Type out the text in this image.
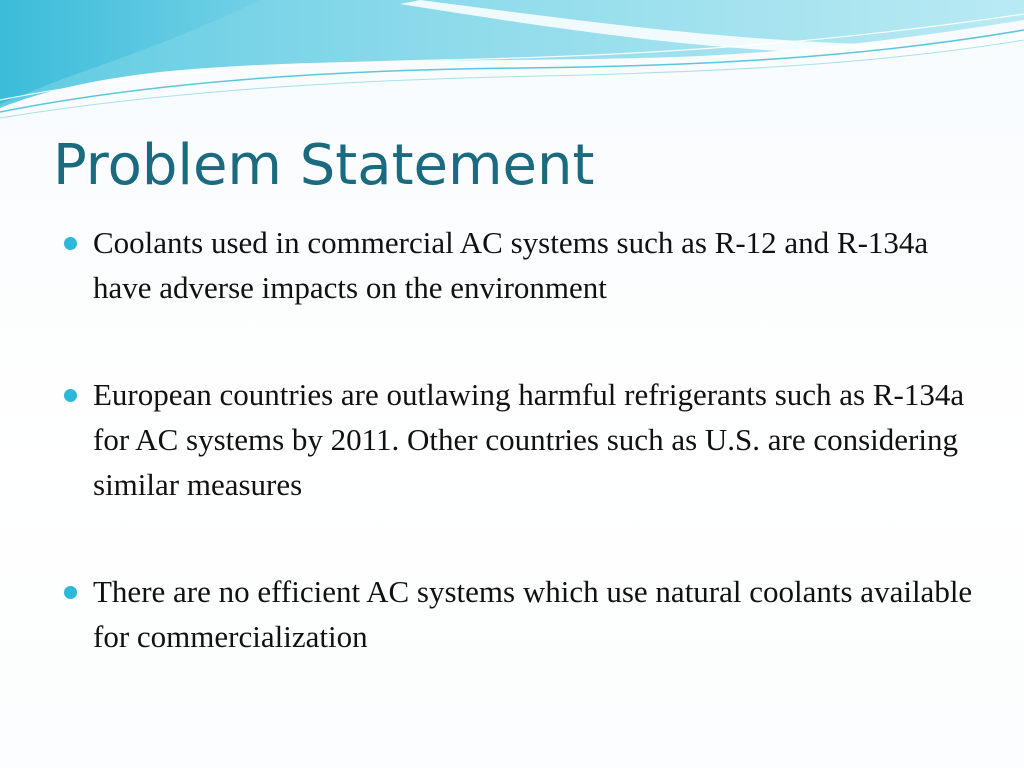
Problem Statement
Coolants used in commercial AC systems such as R-12 and R-134a have adverse impacts on the environment
European countries are outlawing harmful refrigerants such as R-134a for AC systems by 2011. Other countries such as U.S. are considering similar measures
There are no efficient AC systems which use natural coolants available for commercialization
